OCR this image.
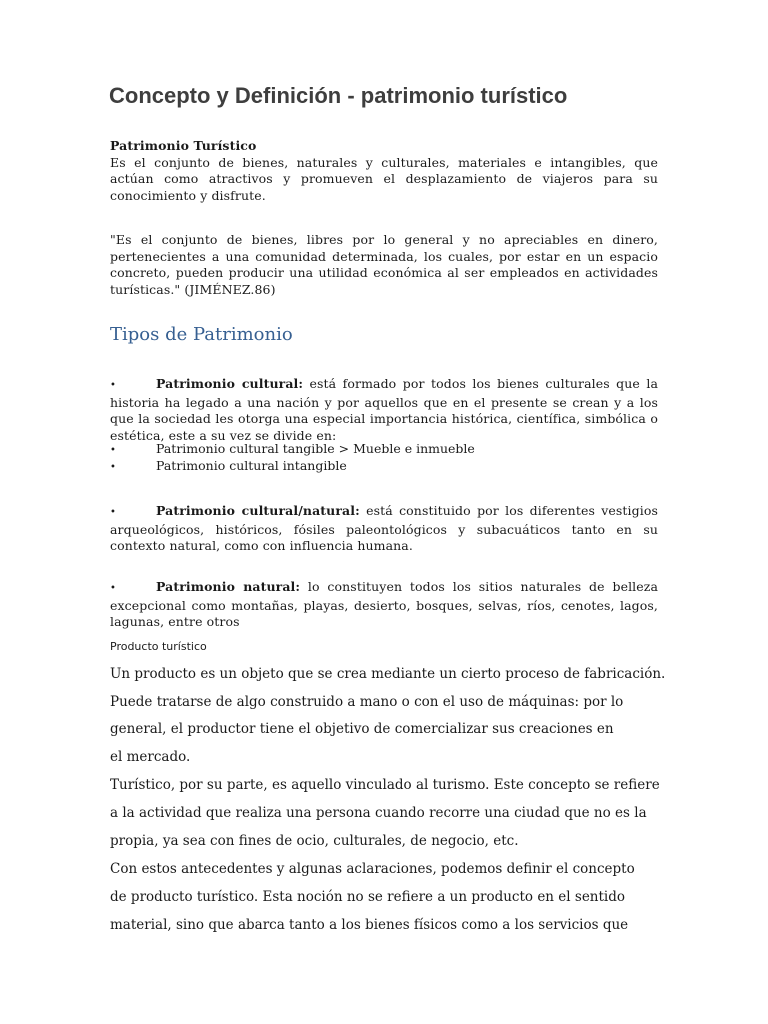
Concepto y Definición - patrimonio turístico
Patrimonio Turístico
Es el conjunto de bienes, naturales y culturales, materiales e intangibles, que actúan como atractivos y promueven el desplazamiento de viajeros para su conocimiento y disfrute.
"Es el conjunto de bienes, libres por lo general y no apreciables en dinero, pertenecientes a una comunidad determinada, los cuales, por estar en un espacio concreto, pueden producir una utilidad económica al ser empleados en actividades turísticas." (JIMÉNEZ.86)
Tipos de Patrimonio
•	Patrimonio cultural: está formado por todos los bienes culturales que la historia ha legado a una nación y por aquellos que en el presente se crean y a los que la sociedad les otorga una especial importancia histórica, científica, simbólica o estética, este a su vez se divide en:
•	Patrimonio cultural tangible > Mueble e inmueble
•	Patrimonio cultural intangible
•	Patrimonio cultural/natural: está constituido por los diferentes vestigios arqueológicos, históricos, fósiles paleontológicos y subacuáticos tanto en su contexto natural, como con influencia humana.
•	Patrimonio natural: lo constituyen todos los sitios naturales de belleza excepcional como montañas, playas, desierto, bosques, selvas, ríos, cenotes, lagos, lagunas, entre otros
Producto turístico
Un producto es un objeto que se crea mediante un cierto proceso de fabricación.
Puede tratarse de algo construido a mano o con el uso de máquinas: por lo
general, el productor tiene el objetivo de comercializar sus creaciones en
el mercado.
Turístico, por su parte, es aquello vinculado al turismo. Este concepto se refiere
a la actividad que realiza una persona cuando recorre una ciudad que no es la
propia, ya sea con fines de ocio, culturales, de negocio, etc.
Con estos antecedentes y algunas aclaraciones, podemos definir el concepto
de producto turístico. Esta noción no se refiere a un producto en el sentido
material, sino que abarca tanto a los bienes físicos como a los servicios que
